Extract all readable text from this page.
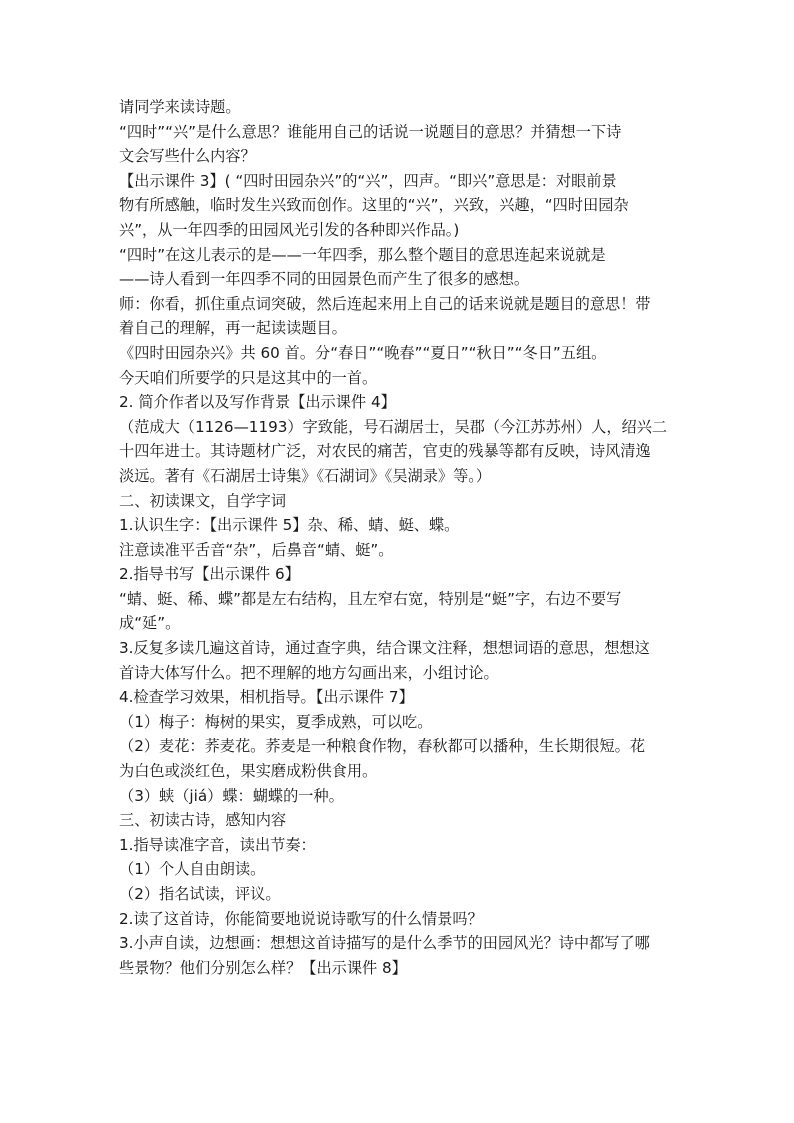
请同学来读诗题。

“四时”“兴”是什么意思？谁能用自己的话说一说题目的意思？并猜想一下诗

文会写些什么内容？

【出示课件 3】( “四时田园杂兴”的“兴”，四声。“即兴”意思是：对眼前景

物有所感触，临时发生兴致而创作。这里的“兴”，兴致，兴趣，“四时田园杂

兴”，从一年四季的田园风光引发的各种即兴作品。)

“四时”在这儿表示的是——一年四季，那么整个题目的意思连起来说就是

——诗人看到一年四季不同的田园景色而产生了很多的感想。

师：你看，抓住重点词突破，然后连起来用上自己的话来说就是题目的意思！带

着自己的理解，再一起读读题目。

《四时田园杂兴》共 60 首。分“春日”“晚春”“夏日”“秋日”“冬日”五组。

今天咱们所要学的只是这其中的一首。

2. 简介作者以及写作背景【出示课件 4】

（范成大（1126—1193）字致能，号石湖居士，吴郡（今江苏苏州）人，绍兴二

十四年进士。其诗题材广泛，对农民的痛苦，官吏的残暴等都有反映，诗风清逸

淡远。著有《石湖居士诗集》《石湖词》《吴湖录》等。）

二、初读课文，自学字词

1.认识生字：【出示课件 5】杂、稀、蜻、蜓、蝶。

注意读准平舌音“杂”，后鼻音“蜻、蜓”。

2.指导书写【出示课件 6】

“蜻、蜓、稀、蝶”都是左右结构，且左窄右宽，特别是“蜓”字，右边不要写

成“延”。

3.反复多读几遍这首诗，通过查字典，结合课文注释，想想词语的意思，想想这

首诗大体写什么。把不理解的地方勾画出来，小组讨论。

4.检查学习效果，相机指导。【出示课件 7】

（1）梅子：梅树的果实，夏季成熟，可以吃。

（2）麦花：荞麦花。荞麦是一种粮食作物，春秋都可以播种，生长期很短。花

为白色或淡红色，果实磨成粉供食用。

（3）蛱（jiá）蝶：蝴蝶的一种。

三、初读古诗，感知内容

1.指导读准字音，读出节奏：

（1）个人自由朗读。

（2）指名试读，评议。

2.读了这首诗，你能简要地说说诗歌写的什么情景吗？

3.小声自读，边想画：想想这首诗描写的是什么季节的田园风光？诗中都写了哪

些景物？他们分别怎么样？【出示课件 8】
